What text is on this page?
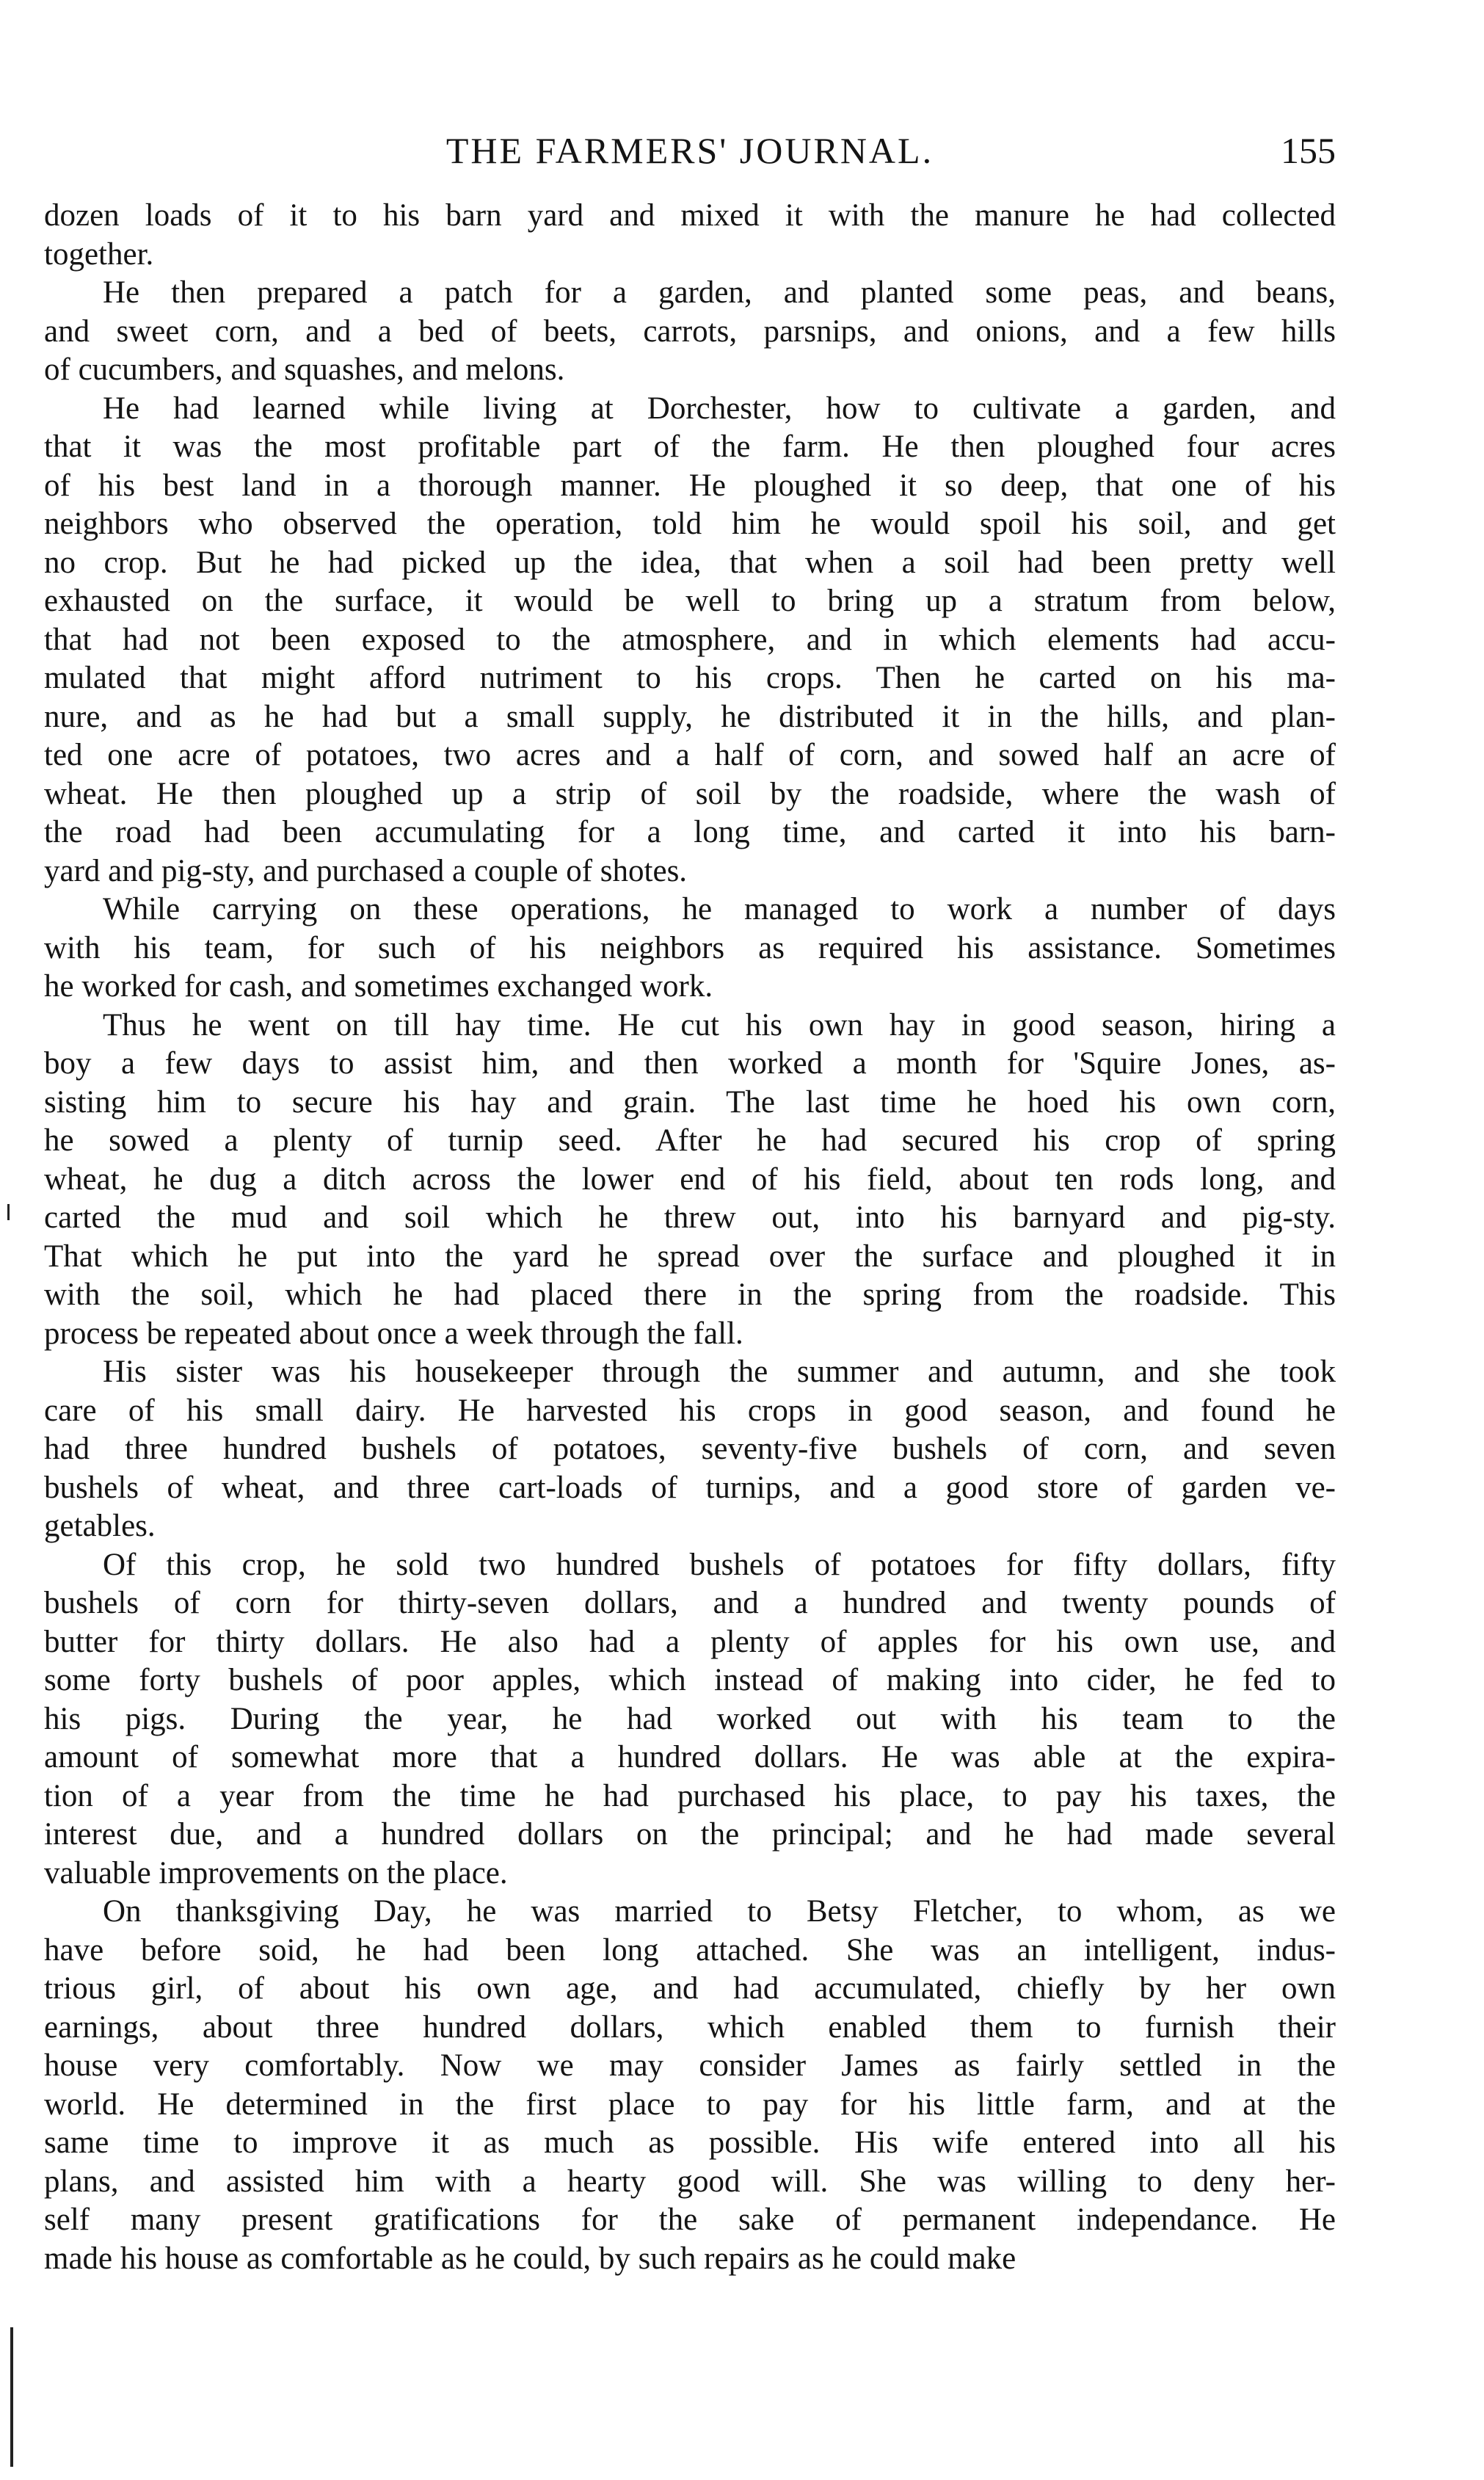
THE FARMERS' JOURNAL.	155
dozen loads of it to his barn yard and mixed it with the manure he had collected
together.
He then prepared a patch for a garden, and planted some peas, and beans,
and sweet corn, and a bed of beets, carrots, parsnips, and onions, and a few hills
of cucumbers, and squashes, and melons.
He had learned while living at Dorchester, how to cultivate a garden, and
that it was the most profitable part of the farm. He then ploughed four acres
of his best land in a thorough manner. He ploughed it so deep, that one of his
neighbors who observed the operation, told him he would spoil his soil, and get
no crop. But he had picked up the idea, that when a soil had been pretty well
exhausted on the surface, it would be well to bring up a stratum from below,
that had not been exposed to the atmosphere, and in which elements had accu-
mulated that might afford nutriment to his crops. Then he carted on his ma-
nure, and as he had but a small supply, he distributed it in the hills, and plan-
ted one acre of potatoes, two acres and a half of corn, and sowed half an acre of
wheat. He then ploughed up a strip of soil by the roadside, where the wash of
the road had been accumulating for a long time, and carted it into his barn-
yard and pig-sty, and purchased a couple of shotes.
While carrying on these operations, he managed to work a number of days
with his team, for such of his neighbors as required his assistance. Sometimes
he worked for cash, and sometimes exchanged work.
Thus he went on till hay time. He cut his own hay in good season, hiring a
boy a few days to assist him, and then worked a month for 'Squire Jones, as-
sisting him to secure his hay and grain. The last time he hoed his own corn,
he sowed a plenty of turnip seed. After he had secured his crop of spring
wheat, he dug a ditch across the lower end of his field, about ten rods long, and
carted the mud and soil which he threw out, into his barnyard and pig-sty.
That which he put into the yard he spread over the surface and ploughed it in
with the soil, which he had placed there in the spring from the roadside. This
process be repeated about once a week through the fall.
His sister was his housekeeper through the summer and autumn, and she took
care of his small dairy. He harvested his crops in good season, and found he
had three hundred bushels of potatoes, seventy-five bushels of corn, and seven
bushels of wheat, and three cart-loads of turnips, and a good store of garden ve-
getables.
Of this crop, he sold two hundred bushels of potatoes for fifty dollars, fifty
bushels of corn for thirty-seven dollars, and a hundred and twenty pounds of
butter for thirty dollars. He also had a plenty of apples for his own use, and
some forty bushels of poor apples, which instead of making into cider, he fed to
his pigs. During the year, he had worked out with his team to the
amount of somewhat more that a hundred dollars. He was able at the expira-
tion of a year from the time he had purchased his place, to pay his taxes, the
interest due, and a hundred dollars on the principal; and he had made several
valuable improvements on the place.
On thanksgiving Day, he was married to Betsy Fletcher, to whom, as we
have before soid, he had been long attached. She was an intelligent, indus-
trious girl, of about his own age, and had accumulated, chiefly by her own
earnings, about three hundred dollars, which enabled them to furnish their
house very comfortably. Now we may consider James as fairly settled in the
world. He determined in the first place to pay for his little farm, and at the
same time to improve it as much as possible. His wife entered into all his
plans, and assisted him with a hearty good will. She was willing to deny her-
self many present gratifications for the sake of permanent independance. He
made his house as comfortable as he could, by such repairs as he could make
